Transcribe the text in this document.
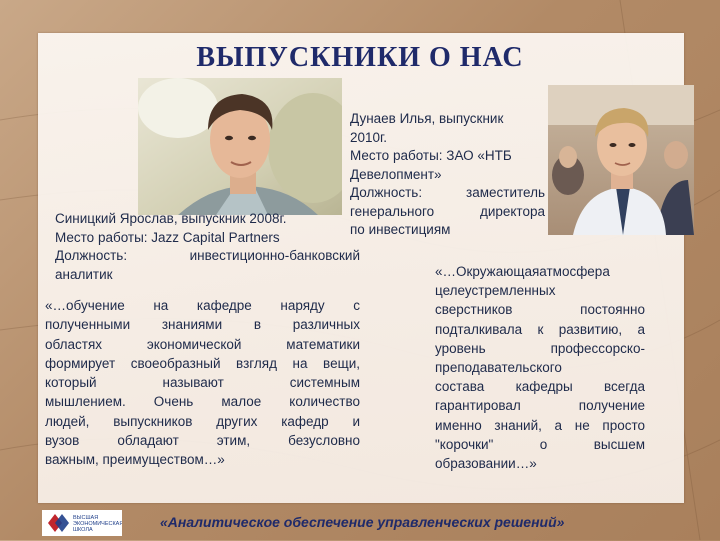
ВЫПУСКНИКИ О НАС
Дунаев Илья, выпускник
2010г.
Место работы: ЗАО «НТБ
Девелопмент»
Должность: заместитель
генерального директора
по инвестициям
Синицкий Ярослав, выпускник 2008г.
Место работы: Jazz Capital Partners
Должность: инвестиционно-банковский
аналитик
«…обучение на кафедре наряду с
полученными знаниями в различных
областях экономической математики
формирует своеобразный взгляд на вещи,
который называют системным
мышлением. Очень малое количество
людей, выпускников других кафедр и
вузов обладают этим, безусловно
важным, преимуществом…»
«…Окружающаяатмосфера
целеустремленных
сверстников постоянно
подталкивала к развитию, а
уровень профессорско-
преподавательского
состава кафедры всегда
гарантировал получение
именно знаний, а не просто
"корочки" о высшем
образовании…»
ВЫСШАЯ
ЭКОНОМИЧЕСКАЯ
ШКОЛА	«Аналитическое обеспечение управленческих решений»
